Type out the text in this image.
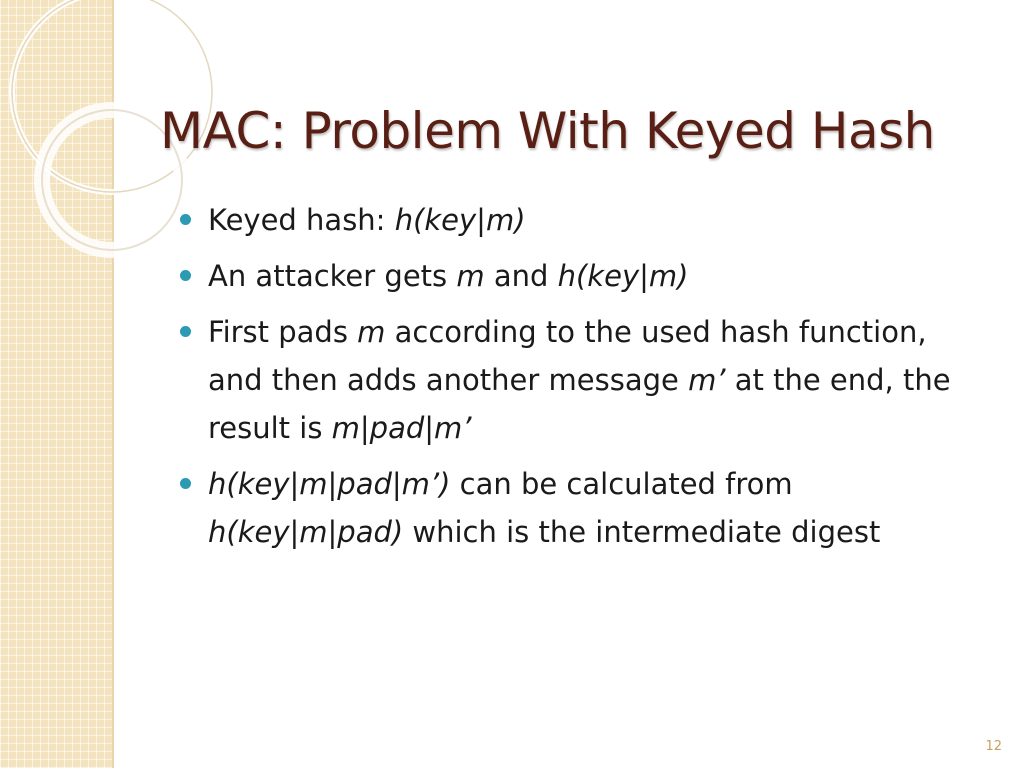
MAC: Problem With Keyed Hash
Keyed hash: h(key|m)
An attacker gets m and h(key|m)
First pads m according to the used hash function, and then adds another message m’ at the end, the result is m|pad|m’
h(key|m|pad|m’) can be calculated from h(key|m|pad) which is the intermediate digest
12
